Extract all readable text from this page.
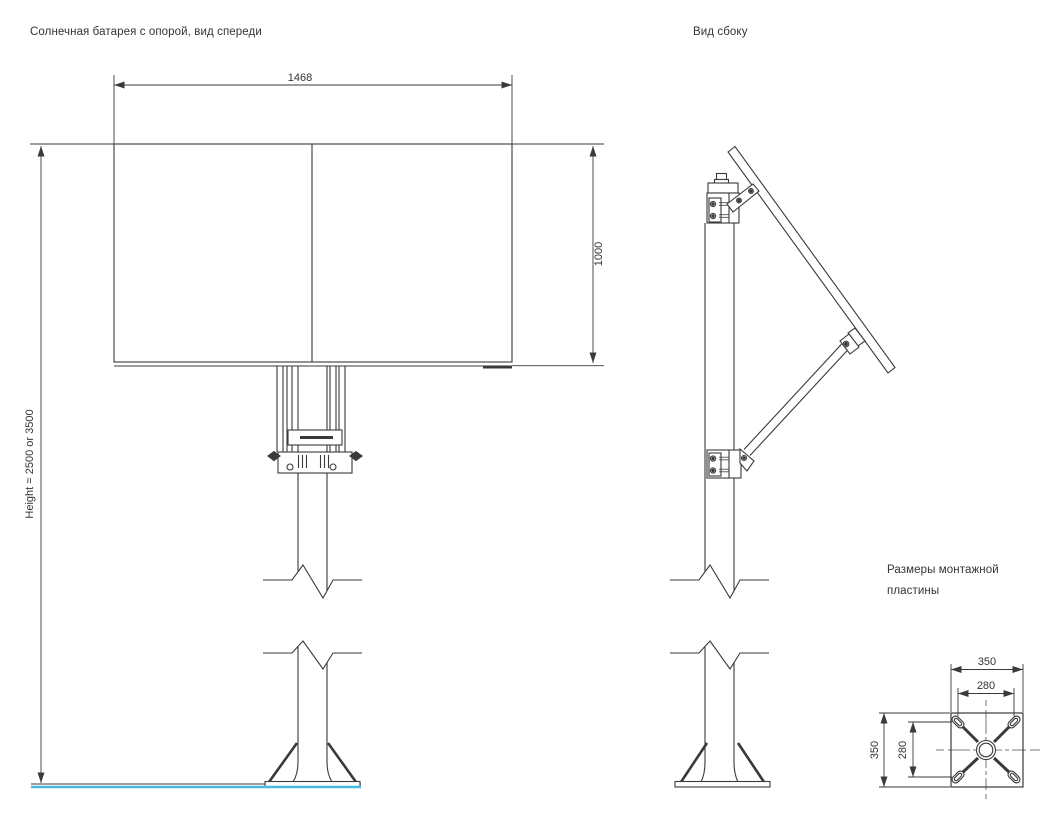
Солнечная батарея с опорой, вид спереди	Вид сбоку
Размеры монтажной пластины
1468
Height = 2500 or 3500
1000
350
280
350 280
